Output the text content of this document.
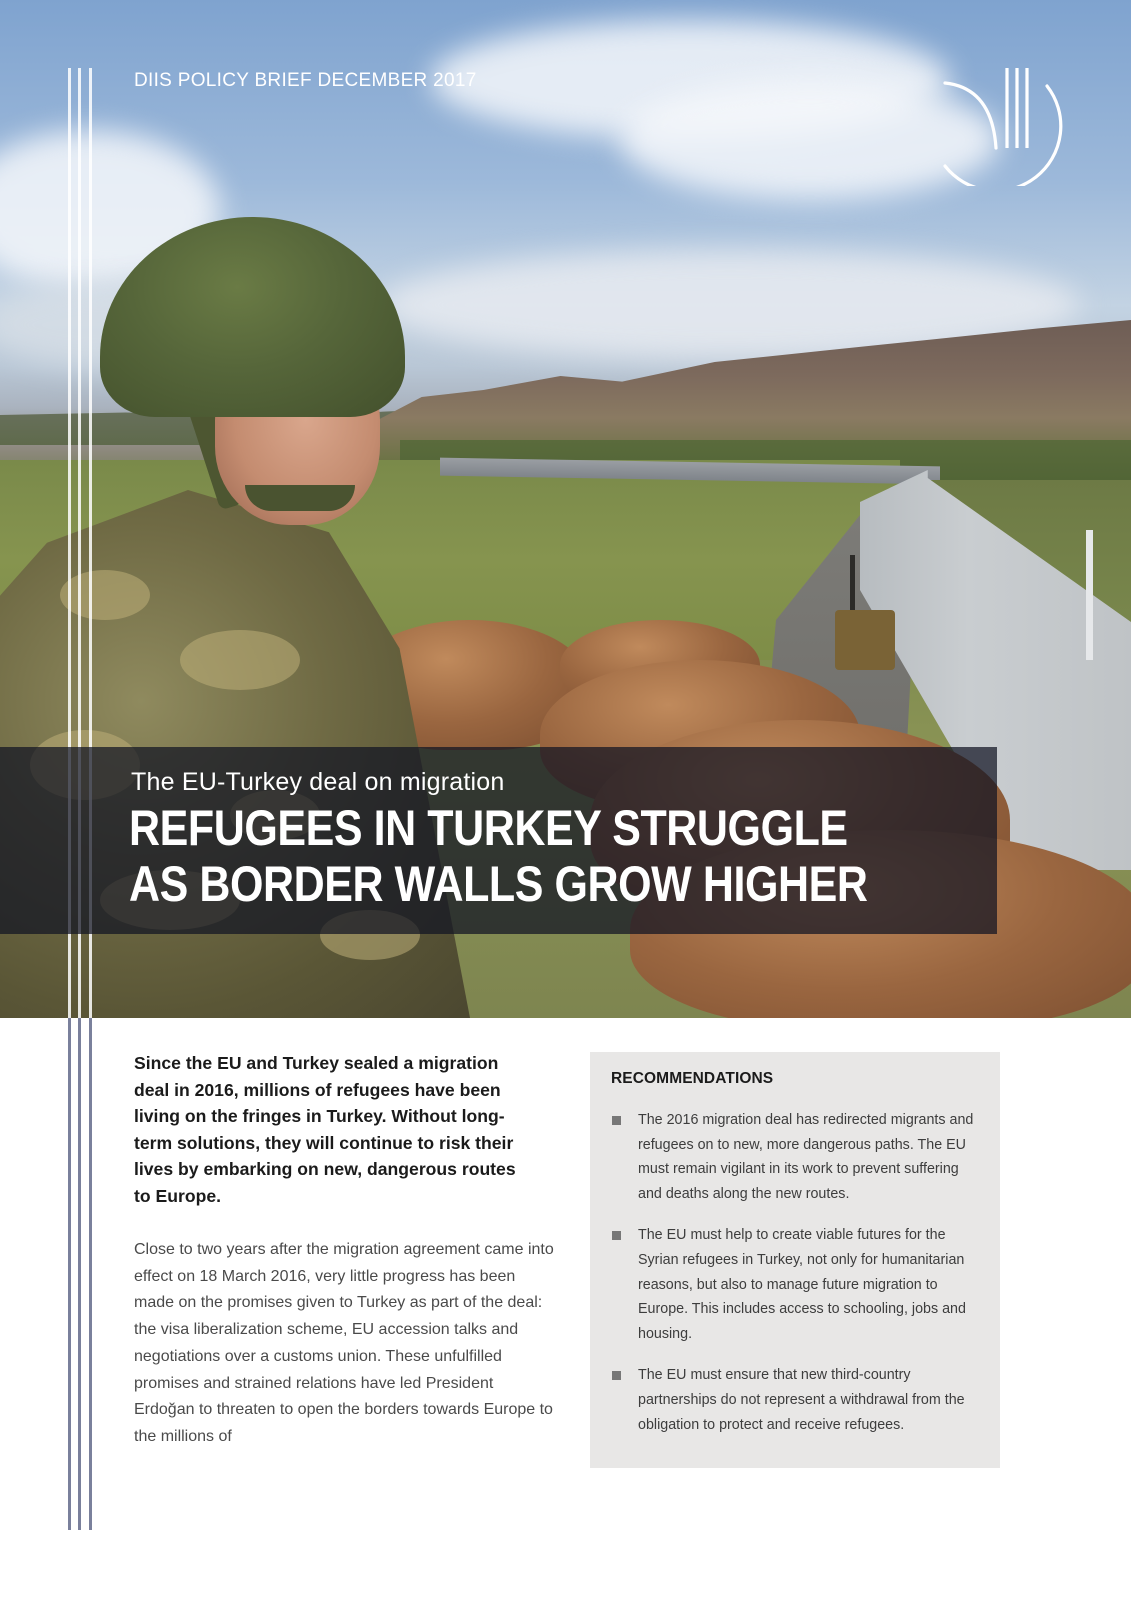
DIIS POLICY BRIEF DECEMBER 2017
The EU-Turkey deal on migration
REFUGEES IN TURKEY STRUGGLE
AS BORDER WALLS GROW HIGHER

Since the EU and Turkey sealed a migration deal in 2016, millions of refugees have been living on the fringes in Turkey. Without long-term solutions, they will continue to risk their lives by embarking on new, dangerous routes to Europe.

Close to two years after the migration agreement came into effect on 18 March 2016, very little progress has been made on the promises given to Turkey as part of the deal: the visa liberalization scheme, EU accession talks and negotiations over a customs union. These unfulfilled promises and strained relations have led President Erdoğan to threaten to open the borders towards Europe to the millions of

RECOMMENDATIONS
The 2016 migration deal has redirected migrants and refugees on to new, more dangerous paths. The EU must remain vigilant in its work to prevent suffering and deaths along the new routes.
The EU must help to create viable futures for the Syrian refugees in Turkey, not only for humanitarian reasons, but also to manage future migration to Europe. This includes access to schooling, jobs and housing.
The EU must ensure that new third-country partnerships do not represent a withdrawal from the obligation to protect and receive refugees.
